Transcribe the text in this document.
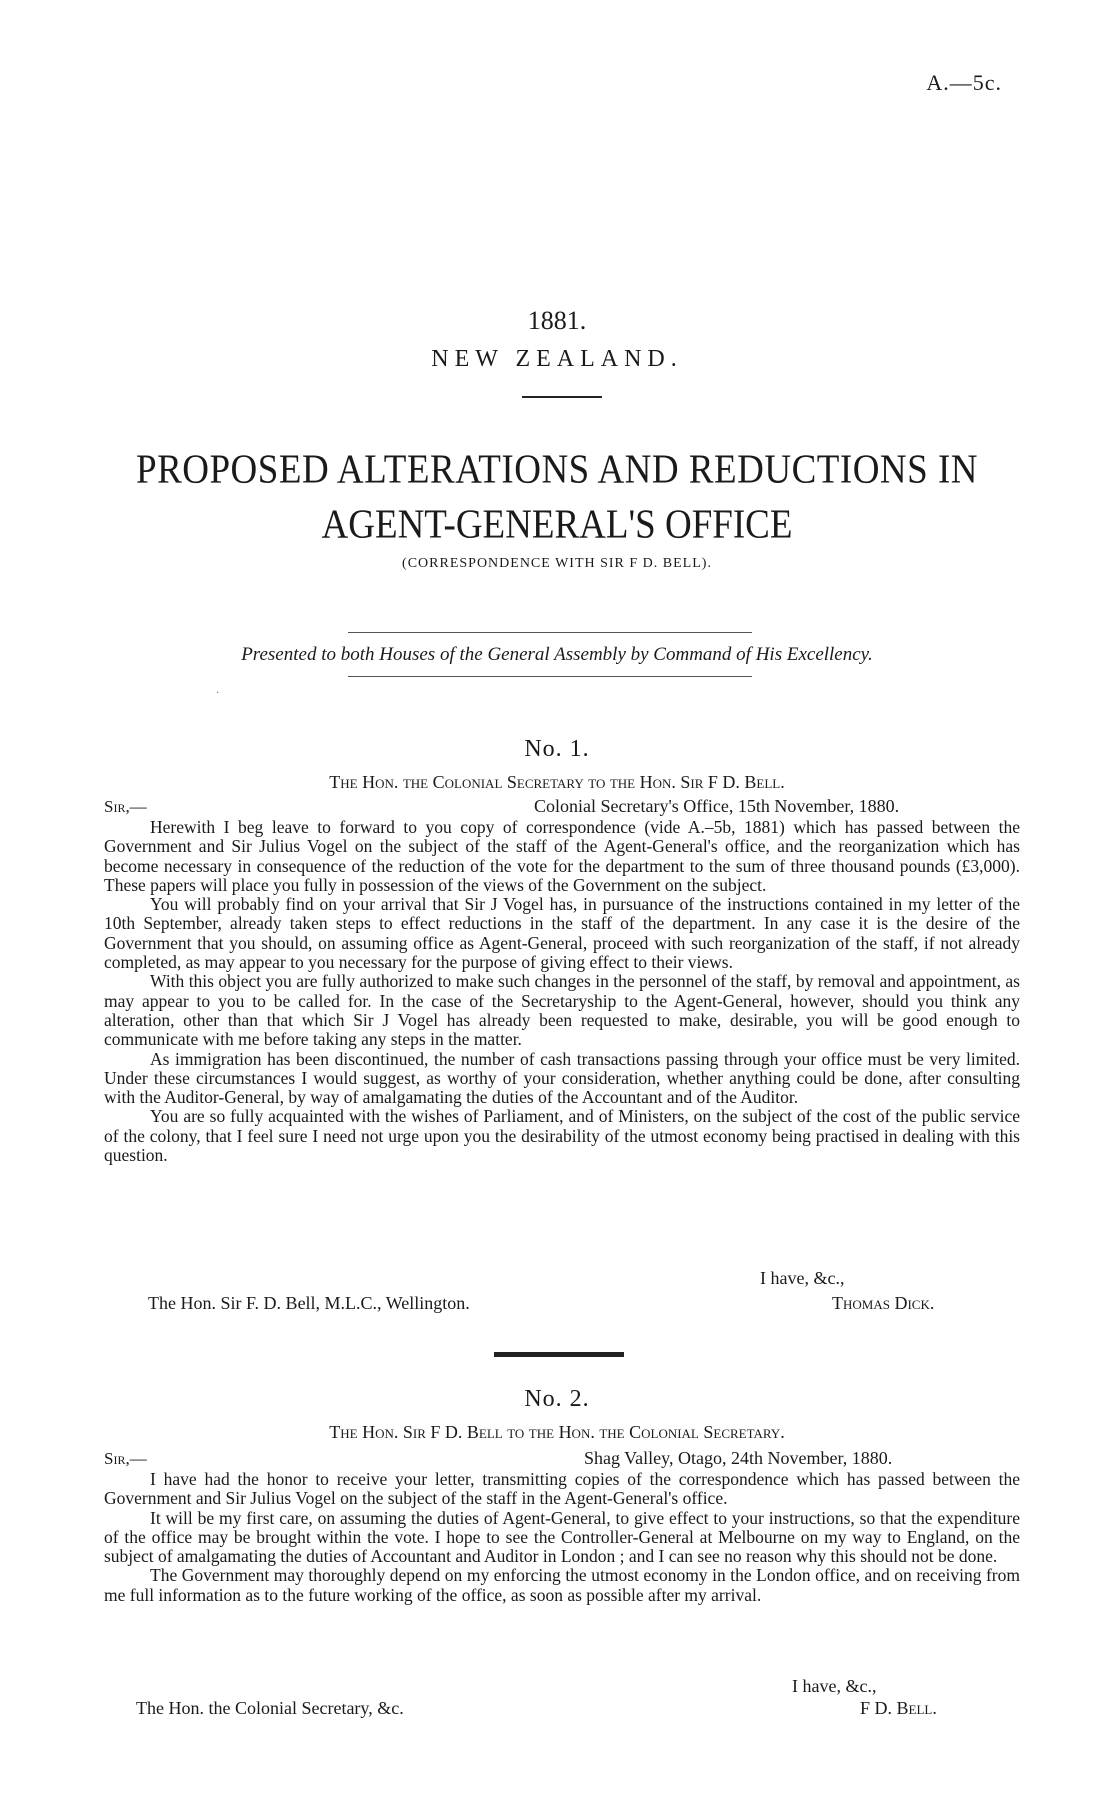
A.—5c.
1881.
NEW ZEALAND.
PROPOSED ALTERATIONS AND REDUCTIONS IN
AGENT-GENERAL'S OFFICE
(CORRESPONDENCE WITH SIR F D. BELL).
Presented to both Houses of the General Assembly by Command of His Excellency.
·
No. 1.
The Hon. the Colonial Secretary to the Hon. Sir F D. Bell.
Sir,—	Colonial Secretary's Office, 15th November, 1880.

Herewith I beg leave to forward to you copy of correspondence (vide A.–5b, 1881) which has passed between the Government and Sir Julius Vogel on the subject of the staff of the Agent-General's office, and the reorganization which has become necessary in consequence of the reduction of the vote for the department to the sum of three thousand pounds (£3,000). These papers will place you fully in possession of the views of the Government on the subject.

You will probably find on your arrival that Sir J Vogel has, in pursuance of the instructions contained in my letter of the 10th September, already taken steps to effect reductions in the staff of the department. In any case it is the desire of the Government that you should, on assuming office as Agent-General, proceed with such reorganization of the staff, if not already completed, as may appear to you necessary for the purpose of giving effect to their views.

With this object you are fully authorized to make such changes in the personnel of the staff, by removal and appointment, as may appear to you to be called for. In the case of the Secretaryship to the Agent-General, however, should you think any alteration, other than that which Sir J Vogel has already been requested to make, desirable, you will be good enough to communicate with me before taking any steps in the matter.

As immigration has been discontinued, the number of cash transactions passing through your office must be very limited. Under these circumstances I would suggest, as worthy of your consideration, whether anything could be done, after consulting with the Auditor-General, by way of amalgamating the duties of the Accountant and of the Auditor.

You are so fully acquainted with the wishes of Parliament, and of Ministers, on the subject of the cost of the public service of the colony, that I feel sure I need not urge upon you the desirability of the utmost economy being practised in dealing with this question.

I have, &c.,
The Hon. Sir F. D. Bell, M.L.C., Wellington.	Thomas Dick.
No. 2.
The Hon. Sir F D. Bell to the Hon. the Colonial Secretary.
Sir,—	Shag Valley, Otago, 24th November, 1880.

I have had the honor to receive your letter, transmitting copies of the correspondence which has passed between the Government and Sir Julius Vogel on the subject of the staff in the Agent-General's office.

It will be my first care, on assuming the duties of Agent-General, to give effect to your instructions, so that the expenditure of the office may be brought within the vote. I hope to see the Controller-General at Melbourne on my way to England, on the subject of amalgamating the duties of Accountant and Auditor in London ; and I can see no reason why this should not be done.

The Government may thoroughly depend on my enforcing the utmost economy in the London office, and on receiving from me full information as to the future working of the office, as soon as possible after my arrival.

I have, &c.,
The Hon. the Colonial Secretary, &c.	F D. Bell.
